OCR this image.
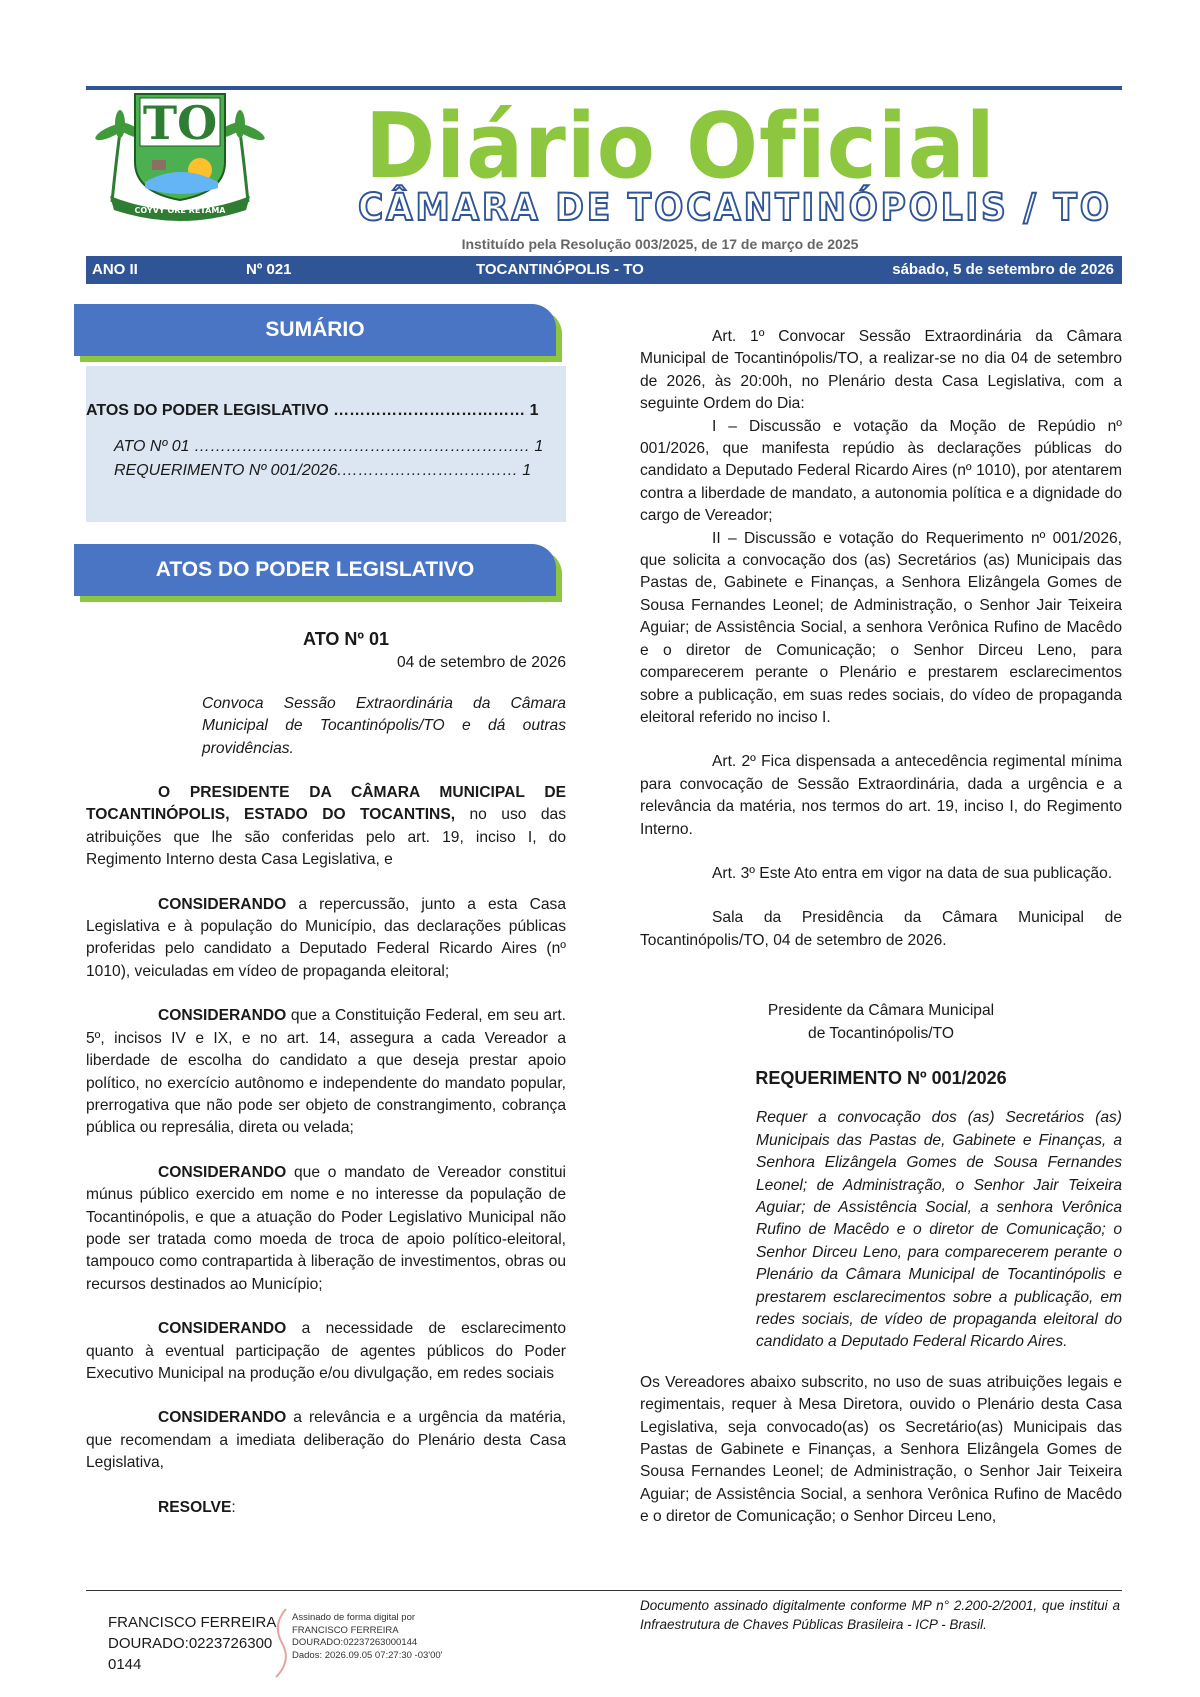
TO
COYVY ORE RETAMA
Diário Oficial
CÂMARA DE TOCANTINÓPOLIS / TO
Instituído pela Resolução 003/2025, de 17 de março de 2025
ANO II	Nº 021	TOCANTINÓPOLIS - TO	sábado, 5 de setembro de 2026
SUMÁRIO
ATOS DO PODER LEGISLATIVO ……………………………… 1
ATO Nº 01 ……………………………………………………… 1
REQUERIMENTO Nº 001/2026.…………………………… 1
ATOS DO PODER LEGISLATIVO

ATO Nº 01

04 de setembro de 2026

Convoca Sessão Extraordinária da Câmara Municipal de Tocantinópolis/TO e dá outras providências.

O PRESIDENTE DA CÂMARA MUNICIPAL DE TOCANTINÓPOLIS, ESTADO DO TOCANTINS, no uso das atribuições que lhe são conferidas pelo art. 19, inciso I, do Regimento Interno desta Casa Legislativa, e

CONSIDERANDO a repercussão, junto a esta Casa Legislativa e à população do Município, das declarações públicas proferidas pelo candidato a Deputado Federal Ricardo Aires (nº 1010), veiculadas em vídeo de propaganda eleitoral;

CONSIDERANDO que a Constituição Federal, em seu art. 5º, incisos IV e IX, e no art. 14, assegura a cada Vereador a liberdade de escolha do candidato a que deseja prestar apoio político, no exercício autônomo e independente do mandato popular, prerrogativa que não pode ser objeto de constrangimento, cobrança pública ou represália, direta ou velada;

CONSIDERANDO que o mandato de Vereador constitui múnus público exercido em nome e no interesse da população de Tocantinópolis, e que a atuação do Poder Legislativo Municipal não pode ser tratada como moeda de troca de apoio político-eleitoral, tampouco como contrapartida à liberação de investimentos, obras ou recursos destinados ao Município;

CONSIDERANDO a necessidade de esclarecimento quanto à eventual participação de agentes públicos do Poder Executivo Municipal na produção e/ou divulgação, em redes sociais

CONSIDERANDO a relevância e a urgência da matéria, que recomendam a imediata deliberação do Plenário desta Casa Legislativa,

RESOLVE:

Art. 1º Convocar Sessão Extraordinária da Câmara Municipal de Tocantinópolis/TO, a realizar-se no dia 04 de setembro de 2026, às 20:00h, no Plenário desta Casa Legislativa, com a seguinte Ordem do Dia:

I – Discussão e votação da Moção de Repúdio nº 001/2026, que manifesta repúdio às declarações públicas do candidato a Deputado Federal Ricardo Aires (nº 1010), por atentarem contra a liberdade de mandato, a autonomia política e a dignidade do cargo de Vereador;

II – Discussão e votação do Requerimento nº 001/2026, que solicita a convocação dos (as) Secretários (as) Municipais das Pastas de, Gabinete e Finanças, a Senhora Elizângela Gomes de Sousa Fernandes Leonel; de Administração, o Senhor Jair Teixeira Aguiar; de Assistência Social, a senhora Verônica Rufino de Macêdo e o diretor de Comunicação; o Senhor Dirceu Leno, para comparecerem perante o Plenário e prestarem esclarecimentos sobre a publicação, em suas redes sociais, do vídeo de propaganda eleitoral referido no inciso I.

Art. 2º Fica dispensada a antecedência regimental mínima para convocação de Sessão Extraordinária, dada a urgência e a relevância da matéria, nos termos do art. 19, inciso I, do Regimento Interno.

Art. 3º Este Ato entra em vigor na data de sua publicação.

Sala da Presidência da Câmara Municipal de Tocantinópolis/TO, 04 de setembro de 2026.

Presidente da Câmara Municipal

de Tocantinópolis/TO

REQUERIMENTO Nº 001/2026

Requer a convocação dos (as) Secretários (as) Municipais das Pastas de, Gabinete e Finanças, a Senhora Elizângela Gomes de Sousa Fernandes Leonel; de Administração, o Senhor Jair Teixeira Aguiar; de Assistência Social, a senhora Verônica Rufino de Macêdo e o diretor de Comunicação; o Senhor Dirceu Leno, para comparecerem perante o Plenário da Câmara Municipal de Tocantinópolis e prestarem esclarecimentos sobre a publicação, em redes sociais, de vídeo de propaganda eleitoral do candidato a Deputado Federal Ricardo Aires.

Os Vereadores abaixo subscrito, no uso de suas atribuições legais e regimentais, requer à Mesa Diretora, ouvido o Plenário desta Casa Legislativa, seja convocado(as) os Secretário(as) Municipais das Pastas de Gabinete e Finanças, a Senhora Elizângela Gomes de Sousa Fernandes Leonel; de Administração, o Senhor Jair Teixeira Aguiar; de Assistência Social, a senhora Verônica Rufino de Macêdo e o diretor de Comunicação; o Senhor Dirceu Leno,

FRANCISCO FERREIRA
DOURADO:0223726300
0144
Assinado de forma digital por
FRANCISCO FERREIRA
DOURADO:02237263000144
Dados: 2026.09.05 07:27:30 -03'00'
Documento assinado digitalmente conforme MP n° 2.200-2/2001, que institui a Infraestrutura de Chaves Públicas Brasileira - ICP - Brasil.
